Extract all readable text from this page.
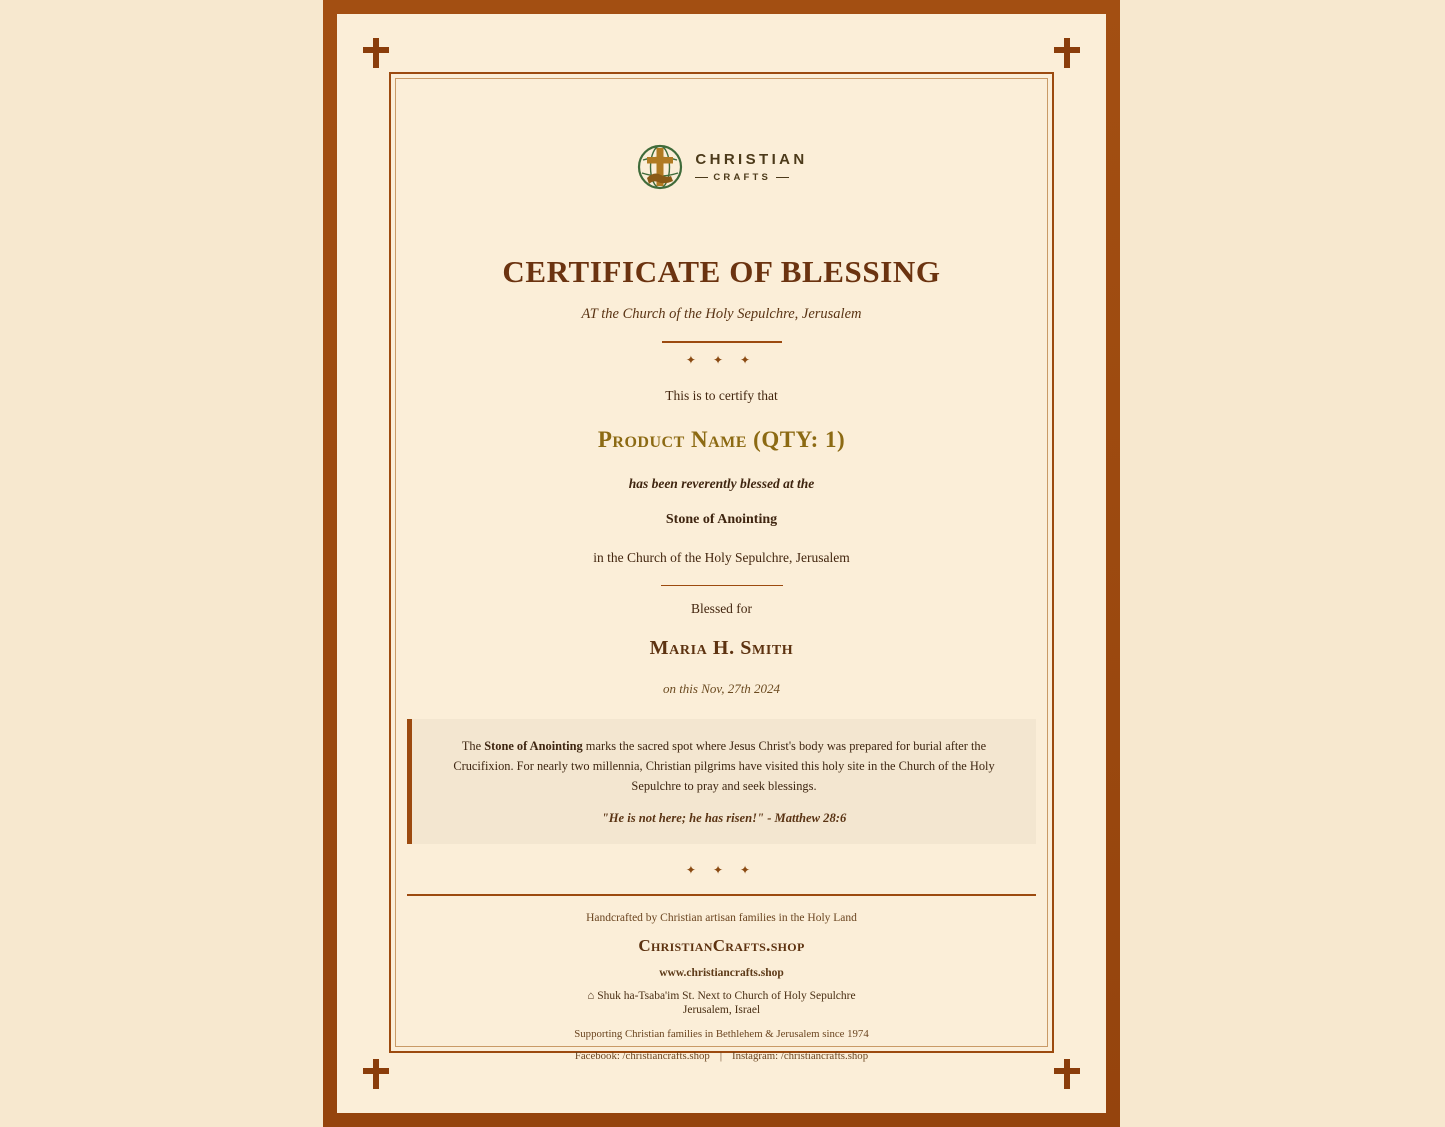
CHRISTIAN
CRAFTS
CERTIFICATE OF BLESSING
AT the Church of the Holy Sepulchre, Jerusalem
✦ ✦ ✦
This is to certify that
Product Name (QTY: 1)
has been reverently blessed at the
Stone of Anointing
in the Church of the Holy Sepulchre, Jerusalem
Blessed for
Maria H. Smith
on this Nov, 27th 2024
The Stone of Anointing marks the sacred spot where Jesus Christ's body was prepared for burial after the Crucifixion. For nearly two millennia, Christian pilgrims have visited this holy site in the Church of the Holy Sepulchre to pray and seek blessings.
"He is not here; he has risen!" - Matthew 28:6
✦ ✦ ✦
Handcrafted by Christian artisan families in the Holy Land
ChristianCrafts.shop
www.christiancrafts.shop
⌂ Shuk ha-Tsaba'im St. Next to Church of Holy Sepulchre
Jerusalem, Israel
Supporting Christian families in Bethlehem & Jerusalem since 1974
Facebook: /christiancrafts.shop | Instagram: /christiancrafts.shop
